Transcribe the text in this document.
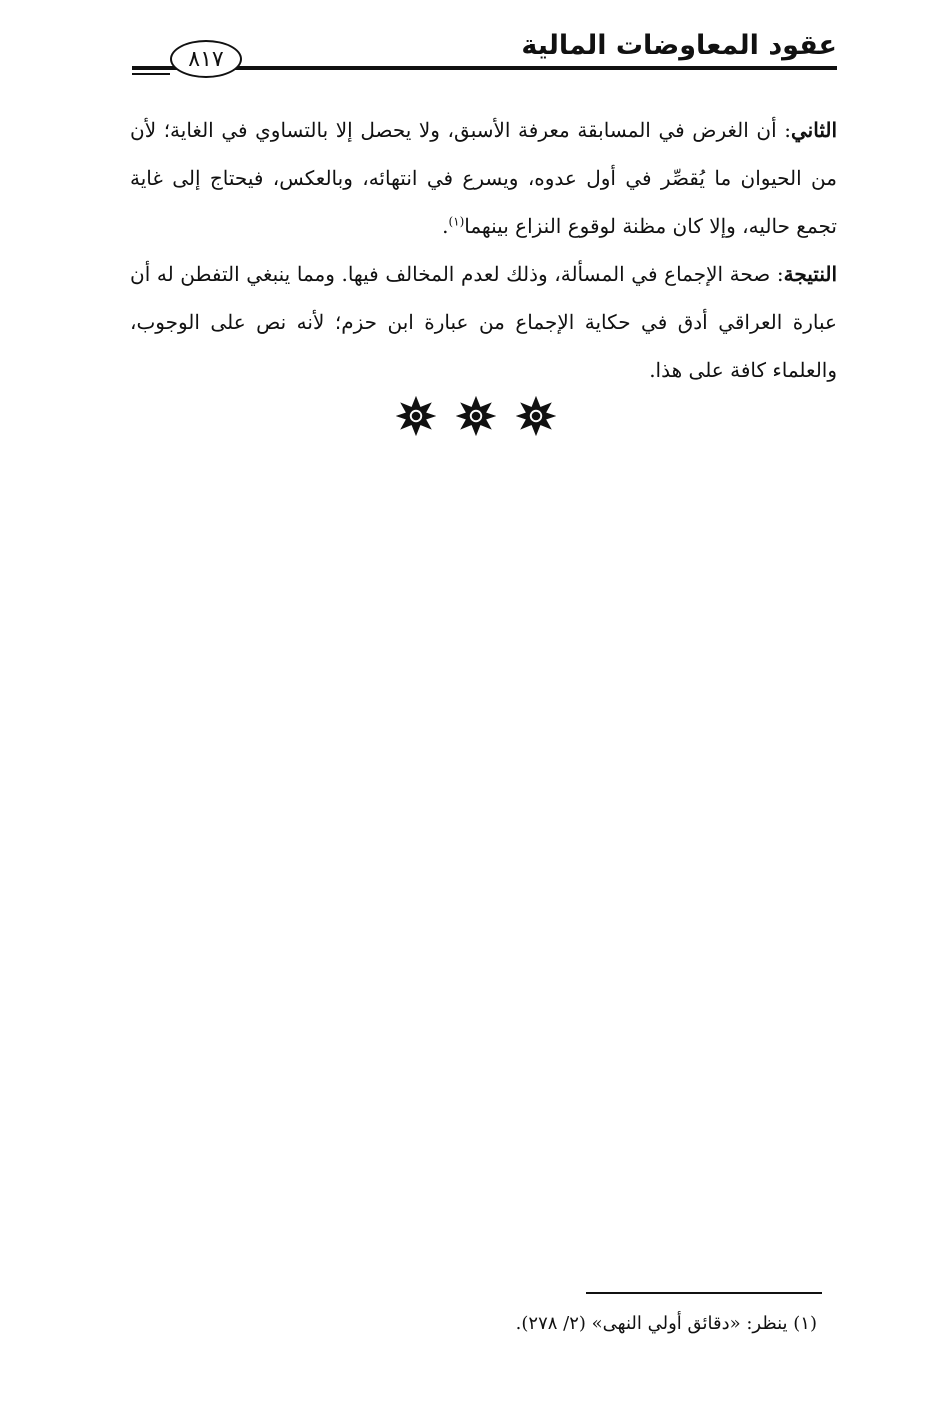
عقود المعاوضات المالية
٨١٧

الثاني: أن الغرض في المسابقة معرفة الأسبق، ولا يحصل إلا بالتساوي في الغاية؛ لأن من الحيوان ما يُقصِّر في أول عدوه، ويسرع في انتهائه، وبالعكس، فيحتاج إلى غاية تجمع حاليه، وإلا كان مظنة لوقوع النزاع بينهما$^{(١)}$.

النتيجة: صحة الإجماع في المسألة، وذلك لعدم المخالف فيها. ومما ينبغي التفطن له أن عبارة العراقي أدق في حكاية الإجماع من عبارة ابن حزم؛ لأنه نص على الوجوب، والعلماء كافة على هذا.

(١) ينظر: «دقائق أولي النهى» (٢/ ٢٧٨).
